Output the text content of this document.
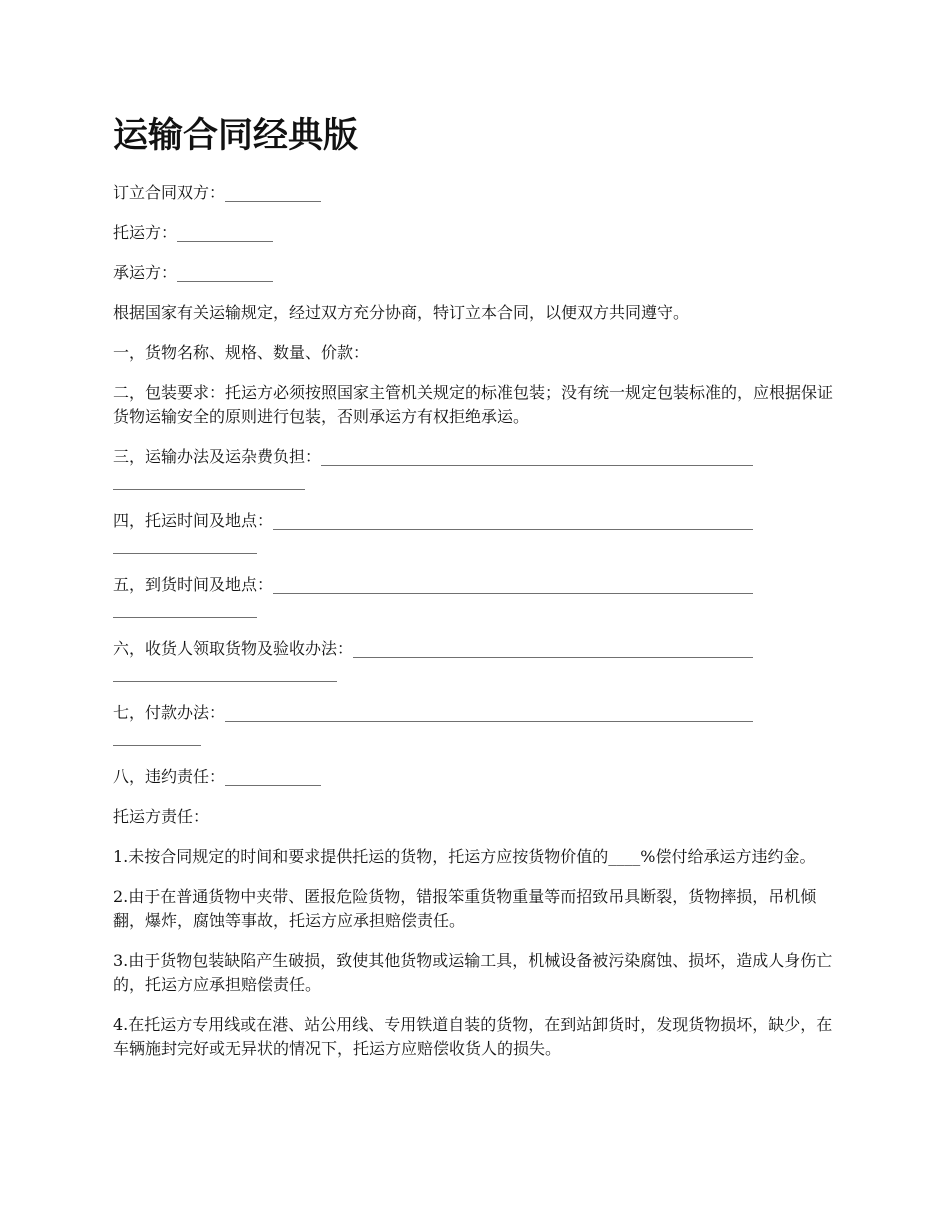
运输合同经典版

订立合同双方：____________

托运方：____________

承运方：____________

根据国家有关运输规定，经过双方充分协商，特订立本合同，以便双方共同遵守。

一，货物名称、规格、数量、价款：

二，包装要求：托运方必须按照国家主管机关规定的标准包装；没有统一规定包装标准的，应根据保证货物运输安全的原则进行包装，否则承运方有权拒绝承运。

三，运输办法及运杂费负担：______________________________________________________
________________________

四，托运时间及地点：____________________________________________________________
__________________

五，到货时间及地点：____________________________________________________________
__________________

六，收货人领取货物及验收办法：__________________________________________________
____________________________

七，付款办法：__________________________________________________________________
___________

八，违约责任：____________

托运方责任：

1.未按合同规定的时间和要求提供托运的货物，托运方应按货物价值的____%偿付给承运方违约金。

2.由于在普通货物中夹带、匿报危险货物，错报笨重货物重量等而招致吊具断裂，货物摔损，吊机倾翻，爆炸，腐蚀等事故，托运方应承担赔偿责任。

3.由于货物包装缺陷产生破损，致使其他货物或运输工具，机械设备被污染腐蚀、损坏，造成人身伤亡的，托运方应承担赔偿责任。

4.在托运方专用线或在港、站公用线、专用铁道自装的货物，在到站卸货时，发现货物损坏，缺少，在车辆施封完好或无异状的情况下，托运方应赔偿收货人的损失。
